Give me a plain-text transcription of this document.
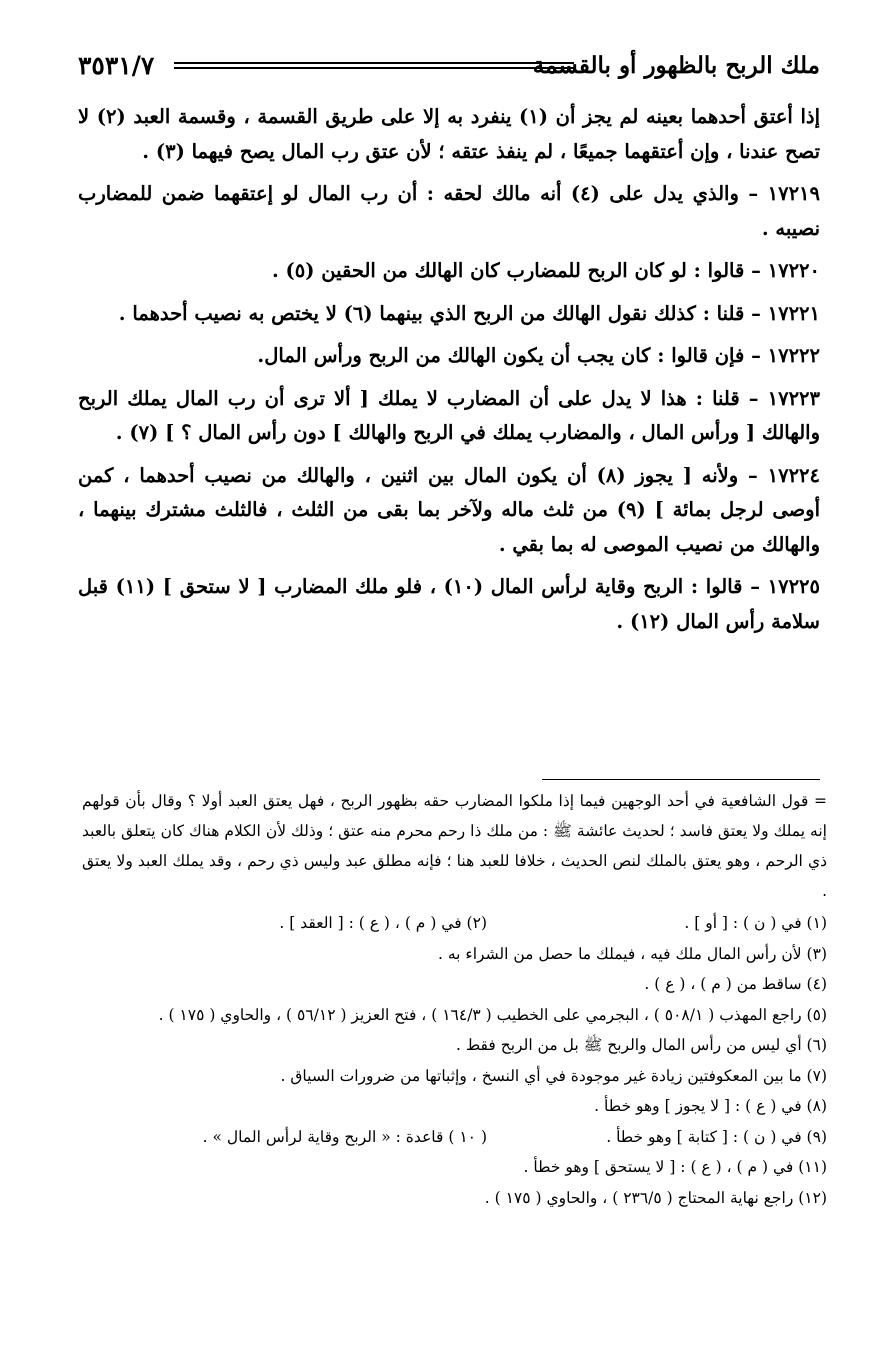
ملك الربح بالظهور أو بالقسمة
٣٥٣١/٧

إذا أعتق أحدهما بعينه لم يجز أن (١) ينفرد به إلا على طريق القسمة ، وقسمة العبد (٢) لا تصح عندنا ، وإن أعتقهما جميعًا ، لم ينفذ عتقه ؛ لأن عتق رب المال يصح فيهما (٣) .

١٧٢١٩ – والذي يدل على (٤) أنه مالك لحقه : أن رب المال لو إعتقهما ضمن للمضارب نصيبه .

١٧٢٢٠ – قالوا : لو كان الربح للمضارب كان الهالك من الحقين (٥) .

١٧٢٢١ – قلنا : كذلك نقول الهالك من الربح الذي بينهما (٦) لا يختص به نصيب أحدهما .

١٧٢٢٢ – فإن قالوا : كان يجب أن يكون الهالك من الربح ورأس المال.

١٧٢٢٣ – قلنا : هذا لا يدل على أن المضارب لا يملك [ ألا ترى أن رب المال يملك الربح والهالك [ ورأس المال ، والمضارب يملك في الربح والهالك ] دون رأس المال ؟ ] (٧) .

١٧٢٢٤ – ولأنه [ يجوز (٨) أن يكون المال بين اثنين ، والهالك من نصيب أحدهما ، كمن أوصى لرجل بمائة ] (٩) من ثلث ماله ولآخر بما بقى من الثلث ، فالثلث مشترك بينهما ، والهالك من نصيب الموصى له بما بقي .

١٧٢٢٥ – قالوا : الربح وقاية لرأس المال (١٠) ، فلو ملك المضارب [ لا ستحق ] (١١) قبل سلامة رأس المال (١٢) .

= قول الشافعية في أحد الوجهين فيما إذا ملكوا المضارب حقه بظهور الربح ، فهل يعتق العبد أولا ؟ وقال بأن قولهم إنه يملك ولا يعتق فاسد ؛ لحديث عائشة ﷺ : من ملك ذا رحم محرم منه عتق ؛ وذلك لأن الكلام هناك كان يتعلق بالعبد ذي الرحم ، وهو يعتق بالملك لنص الحديث ، خلافا للعبد هنا ؛ فإنه مطلق عبد وليس ذي رحم ، وقد يملك العبد ولا يعتق .

(١) في ( ن ) : [ أو ] .

(٢) في ( م ) ، ( ع ) : [ العقد ] .

(٣) لأن رأس المال ملك فيه ، فيملك ما حصل من الشراء به .

(٤) ساقط من ( م ) ، ( ع ) .

(٥) راجع المهذب ( ٥٠٨/١ ) ، البجرمي على الخطيب ( ١٦٤/٣ ) ، فتح العزيز ( ٥٦/١٢ ) ، والحاوي ( ١٧٥ ) .

(٦) أي ليس من رأس المال والربح ﷺ بل من الربح فقط .

(٧) ما بين المعكوفتين زيادة غير موجودة في أي النسخ ، وإثباتها من ضرورات السياق .

(٨) في ( ع ) : [ لا يجوز ] وهو خطأ .

(٩) في ( ن ) : [ كتابة ] وهو خطأ .

( ١٠ ) قاعدة : « الربح وقاية لرأس المال » .

(١١) في ( م ) ، ( ع ) : [ لا يستحق ] وهو خطأ .

(١٢) راجع نهاية المحتاج ( ٢٣٦/٥ ) ، والحاوي ( ١٧٥ ) .
